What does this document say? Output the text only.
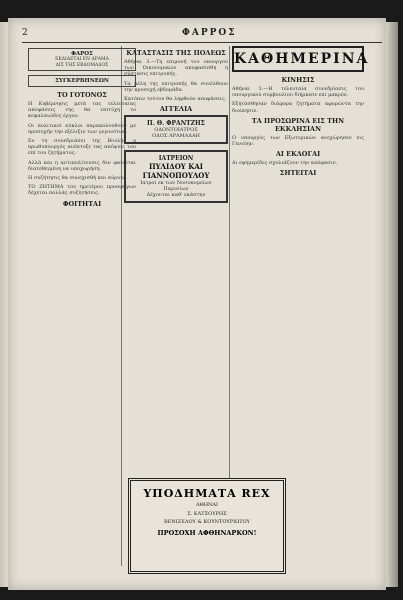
2	ΦΑΡΡΟΣ
ΦΑΡΟΣ
ΕΚΔΙΔΕΤΑΙ ΕΝ ΔΡΑΜΑ
ΔΙΣ ΤΗΣ ΕΒΔΟΜΑΔΟΣ
ΣΥΓΚΕΡΒΗΝΕΩΝ
ΤΟ ΓΟΤΟΝΟΣ

Η Κυβέρνησις μετά τας τελευταίας αποφάσεις της θα επιτύχη το κεφαλαιώδες έργον.

Οι πολιτικοί κύκλοι παρακολουθούν με προσοχήν την εξέλιξιν των γεγονότων.

Εν τη συνεδριάσει της Βουλής ο πρωθυπουργός ανέπτυξε τας απόψεις του επί του ζητήματος.

Αλλά και η αντιπολίτευσις δεν φαίνεται διατεθειμένη να υποχωρήση.

Η συζήτησις θα συνεχισθή και αύριον.

ΤΟ ΖΗΤΗΜΑ του ημετέρου προσφύγων δέχεται πολλάς συζητήσεις.

ΦΟΙΤΗΤΑΙ
ΚΑΤΑΣΤΑΣΙΣ ΤΗΣ ΠΟΛΕΩΣ

Αθήναι 3.—Τη επιμονή του υπουργού των Οικονομικών αποφασίσθη η σύστασις επιτροπής.

Τα μέλη της επιτροπής θα συνέλθουν την προσεχή εβδομάδα.

Κατόπιν τούτου θα ληφθούν αποφάσεις.

ΑΓΓΕΛΙΑ
Π. Θ. ΦΡΑΝΤΖΗΣ
ΟΔΟΝΤΟΙΑΤΡΟΣ
ΟΔΟΣ ΑΡΑΜΑΔΑΗ
ΙΑΤΡΕΙΟΝ
ΠΥΛΙΔΟΥ ΚΑΙ ΓΙΑΝΝΟΠΟΥΛΟΥ
Ιατροί εκ των Νοσοκομείων Παρισίων
Δέχονται καθ' εκάστην
ΚΑΘΗΜΕΡΙΝΑ
ΚΙΝΗΣΙΣ

Αθήναι 3.—Η τελευταία συνεδρίασις του υπουργικού συμβουλίου διήρκεσε επί μακρόν.

Εξητάσθησαν διάφορα ζητήματα αφορώντα την διοίκησιν.

ΤΑ ΠΡΟΣΩΡΙΝΑ ΕΙΣ ΤΗΝ ΕΚΚΛΗΣΙΑΝ

Ο υπουργός των Εξωτερικών ανεχώρησεν εις Γενεύην.

ΑΙ ΕΚΛΟΓΑΙ

Αι εφημερίδες σχολιάζουν την απόφασιν.

ΣΗΤΕΙΤΑΙ
ΥΠΟΔΗΜΑΤΑ REX
ΑΘΗΝΑΙ
Σ. ΚΑΤΣΟΥΡΗΣ
ΒΕΝΙΖΕΛΟΥ & ΚΟΥΝΤΟΥΡΙΩΤΟΥ
ΠΡΟΣΟΧΗ ΑΦΘΗΝΑΡΚΟΝ!
